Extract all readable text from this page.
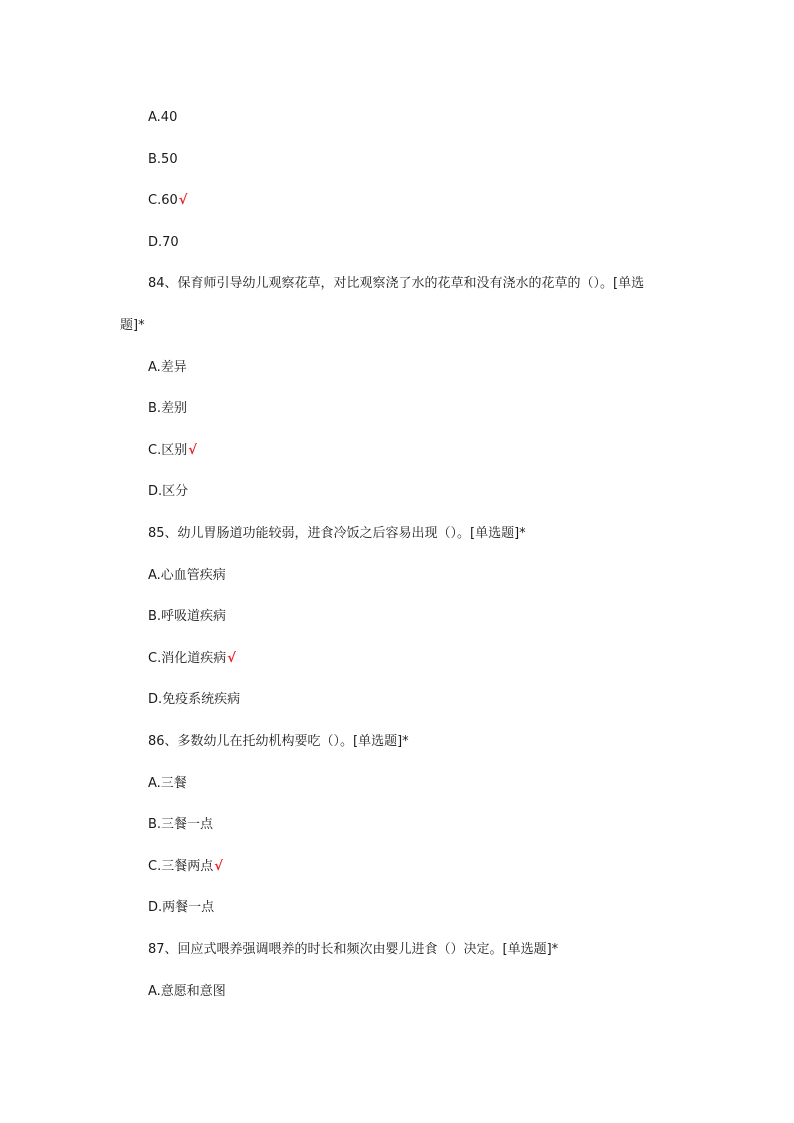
A.40
B.50
C.60√
D.70
84、保育师引导幼儿观察花草，对比观察浇了水的花草和没有浇水的花草的（）。[单选
题]*
A.差异
B.差别
C.区别√
D.区分
85、幼儿胃肠道功能较弱，进食冷饭之后容易出现（）。[单选题]*
A.心血管疾病
B.呼吸道疾病
C.消化道疾病√
D.免疫系统疾病
86、多数幼儿在托幼机构要吃（）。[单选题]*
A.三餐
B.三餐一点
C.三餐两点√
D.两餐一点
87、回应式喂养强调喂养的时长和频次由婴儿进食（）决定。[单选题]*
A.意愿和意图
